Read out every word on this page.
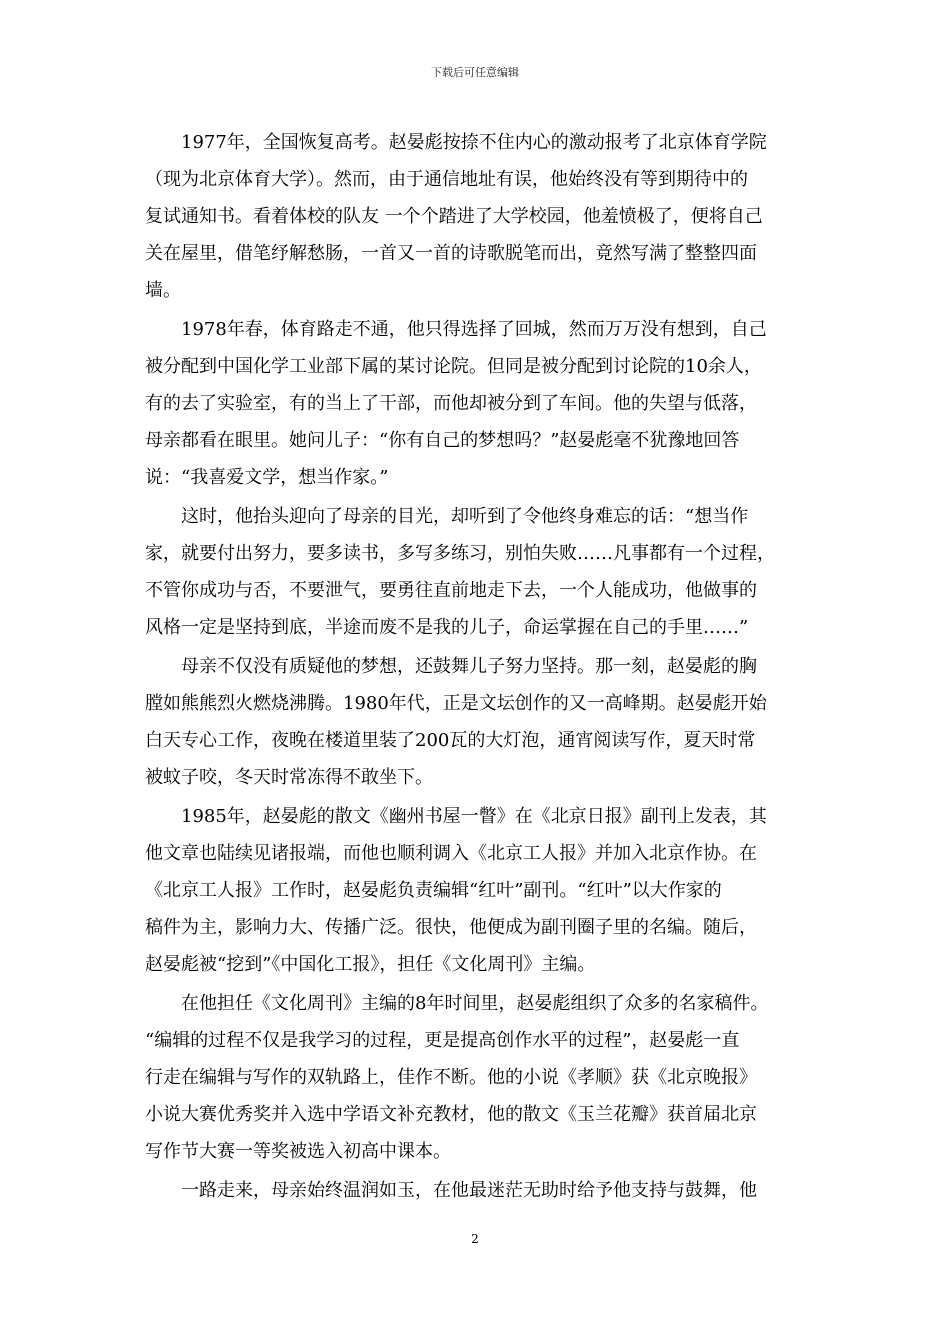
下载后可任意编辑
　　1977年，全国恢复高考。赵晏彪按捺不住内心的激动报考了北京体育学院
（现为北京体育大学）。然而，由于通信地址有误，他始终没有等到期待中的
复试通知书。看着体校的队友 一个个踏进了大学校园，他羞愤极了，便将自己
关在屋里，借笔纾解愁肠，一首又一首的诗歌脱笔而出，竟然写满了整整四面
墙。
　　1978年春，体育路走不通，他只得选择了回城，然而万万没有想到，自己
被分配到中国化学工业部下属的某讨论院。但同是被分配到讨论院的10余人，
有的去了实验室，有的当上了干部，而他却被分到了车间。他的失望与低落，
母亲都看在眼里。她问儿子：“你有自己的梦想吗？”赵晏彪毫不犹豫地回答
说：“我喜爱文学，想当作家。”
　　这时，他抬头迎向了母亲的目光，却听到了令他终身难忘的话：“想当作
家，就要付出努力，要多读书，多写多练习，别怕失败……凡事都有一个过程，
不管你成功与否，不要泄气，要勇往直前地走下去，一个人能成功，他做事的
风格一定是坚持到底，半途而废不是我的儿子，命运掌握在自己的手里……”
　　母亲不仅没有质疑他的梦想，还鼓舞儿子努力坚持。那一刻，赵晏彪的胸
膛如熊熊烈火燃烧沸腾。1980年代，正是文坛创作的又一高峰期。赵晏彪开始
白天专心工作，夜晚在楼道里装了200瓦的大灯泡，通宵阅读写作，夏天时常
被蚊子咬，冬天时常冻得不敢坐下。
　　1985年，赵晏彪的散文《幽州书屋一瞥》在《北京日报》副刊上发表，其
他文章也陆续见诸报端，而他也顺利调入《北京工人报》并加入北京作协。在
《北京工人报》工作时，赵晏彪负责编辑“红叶”副刊。“红叶”以大作家的
稿件为主，影响力大、传播广泛。很快，他便成为副刊圈子里的名编。随后，
赵晏彪被“挖到”《中国化工报》，担任《文化周刊》主编。
　　在他担任《文化周刊》主编的8年时间里，赵晏彪组织了众多的名家稿件。
“编辑的过程不仅是我学习的过程，更是提高创作水平的过程”，赵晏彪一直
行走在编辑与写作的双轨路上，佳作不断。他的小说《孝顺》获《北京晚报》
小说大赛优秀奖并入选中学语文补充教材，他的散文《玉兰花瓣》获首届北京
写作节大赛一等奖被选入初高中课本。
　　一路走来，母亲始终温润如玉，在他最迷茫无助时给予他支持与鼓舞，他
2
